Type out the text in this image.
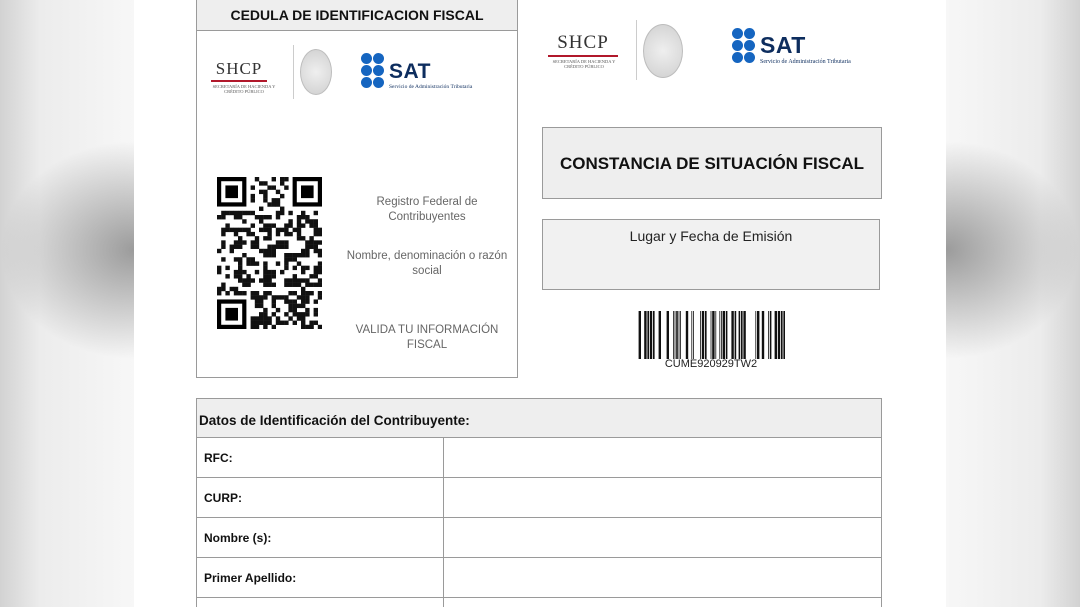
CEDULA DE IDENTIFICACION FISCAL
SHCP
SECRETARÍA DE HACIENDA Y CRÉDITO PÚBLICO
SAT
Servicio de Administración Tributaria
Registro Federal de Contribuyentes
Nombre, denominación o razón social
VALIDA TU INFORMACIÓN FISCAL
SHCP
SECRETARÍA DE HACIENDA Y CRÉDITO PÚBLICO
SAT
Servicio de Administración Tributaria
CONSTANCIA DE SITUACIÓN FISCAL
Lugar y Fecha de Emisión
CUME920929TW2
Datos de Identificación del Contribuyente:
RFC:
CURP:
Nombre (s):
Primer Apellido:
